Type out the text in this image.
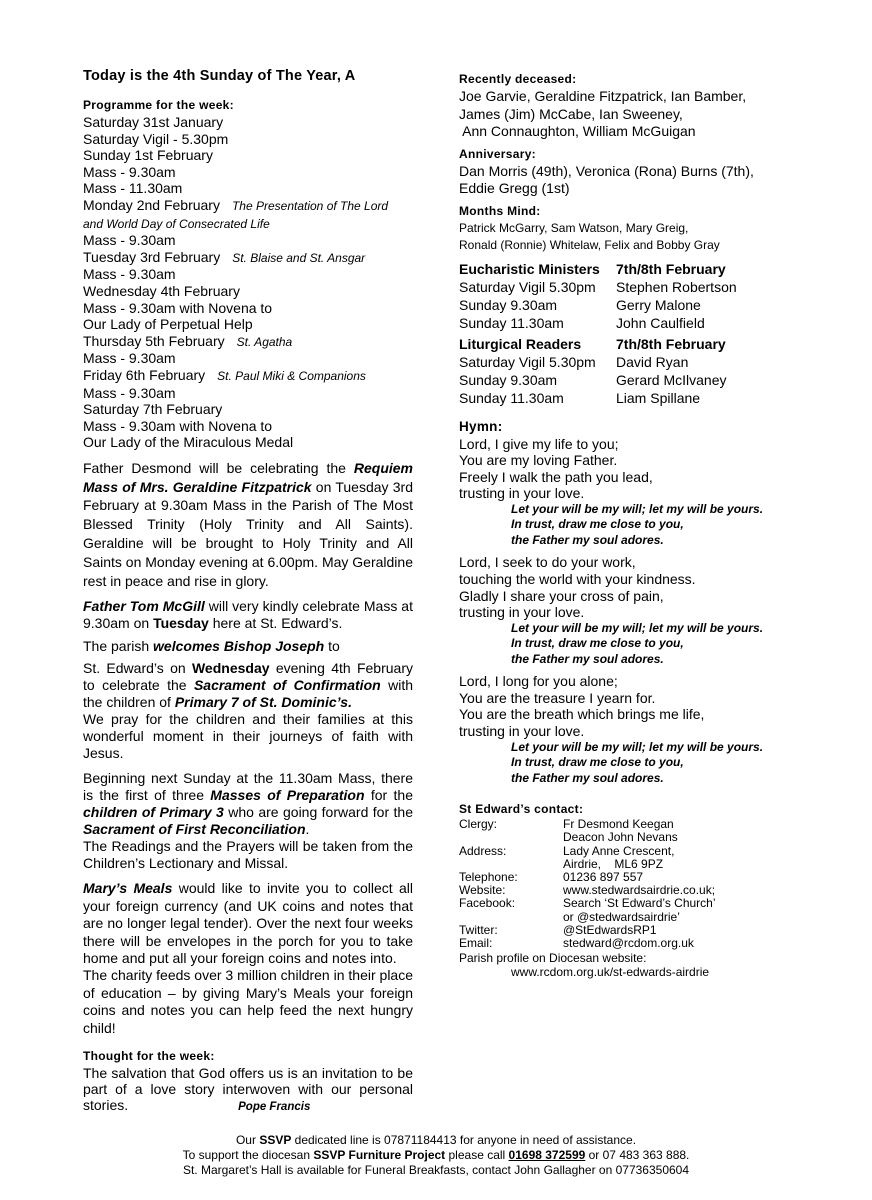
Today is the 4th Sunday of The Year, A
Programme for the week:
Saturday 31st January
Saturday Vigil - 5.30pm
Sunday 1st February
Mass - 9.30am
Mass - 11.30am
Monday 2nd February The Presentation of The Lord
and World Day of Consecrated Life
Mass - 9.30am
Tuesday 3rd February St. Blaise and St. Ansgar
Mass - 9.30am
Wednesday 4th February
Mass - 9.30am with Novena to
Our Lady of Perpetual Help
Thursday 5th February St. Agatha
Mass - 9.30am
Friday 6th February St. Paul Miki & Companions
Mass - 9.30am
Saturday 7th February
Mass - 9.30am with Novena to
Our Lady of the Miraculous Medal

Father Desmond will be celebrating the Requiem Mass of Mrs. Geraldine Fitzpatrick on Tuesday 3rd February at 9.30am Mass in the Parish of The Most Blessed Trinity (Holy Trinity and All Saints). Geraldine will be brought to Holy Trinity and All Saints on Monday evening at 6.00pm. May Geraldine rest in peace and rise in glory.

Father Tom McGill will very kindly celebrate Mass at 9.30am on Tuesday here at St. Edward’s.

The parish welcomes Bishop Joseph to

St. Edward’s on Wednesday evening 4th February to celebrate the Sacrament of Confirmation with the children of Primary 7 of St. Dominic’s.

We pray for the children and their families at this wonderful moment in their journeys of faith with Jesus.

Beginning next Sunday at the 11.30am Mass, there is the first of three Masses of Preparation for the children of Primary 3 who are going forward for the Sacrament of First Reconciliation.

The Readings and the Prayers will be taken from the Children’s Lectionary and Missal.

Mary’s Meals would like to invite you to collect all your foreign currency (and UK coins and notes that are no longer legal tender). Over the next four weeks there will be envelopes in the porch for you to take home and put all your foreign coins and notes into.

The charity feeds over 3 million children in their place of education – by giving Mary’s Meals your foreign coins and notes you can help feed the next hungry child!

Thought for the week:

The salvation that God offers us is an invitation to be part of a love story interwoven with our personal stories.	Pope Francis

Recently deceased:
Joe Garvie, Geraldine Fitzpatrick, Ian Bamber,
James (Jim) McCabe, Ian Sweeney,
Ann Connaughton, William McGuigan
Anniversary:
Dan Morris (49th), Veronica (Rona) Burns (7th),
Eddie Gregg (1st)
Months Mind:
Patrick McGarry, Sam Watson, Mary Greig,
Ronald (Ronnie) Whitelaw, Felix and Bobby Gray
Eucharistic Ministers	7th/8th February
Saturday Vigil 5.30pm	Stephen Robertson
Sunday 9.30am	Gerry Malone
Sunday 11.30am	John Caulfield
Liturgical Readers	7th/8th February
Saturday Vigil 5.30pm	David Ryan
Sunday 9.30am	Gerard McIlvaney
Sunday 11.30am	Liam Spillane
Hymn:
Lord, I give my life to you;
You are my loving Father.
Freely I walk the path you lead,
trusting in your love.
Let your will be my will; let my will be yours.
In trust, draw me close to you,
the Father my soul adores.
Lord, I seek to do your work,
touching the world with your kindness.
Gladly I share your cross of pain,
trusting in your love.
Let your will be my will; let my will be yours.
In trust, draw me close to you,
the Father my soul adores.
Lord, I long for you alone;
You are the treasure I yearn for.
You are the breath which brings me life,
trusting in your love.
Let your will be my will; let my will be yours.
In trust, draw me close to you,
the Father my soul adores.
St Edward’s contact:
Clergy:	Fr Desmond Keegan
	Deacon John Nevans
Address:	Lady Anne Crescent,
	Airdrie,    ML6 9PZ
Telephone:	01236 897 557
Website:	www.stedwardsairdrie.co.uk;
Facebook:	Search ‘St Edward’s Church’
	or @stedwardsairdrie’
Twitter:	@StEdwardsRP1
Email:	stedward@rcdom.org.uk
Parish profile on Diocesan website:
www.rcdom.org.uk/st-edwards-airdrie
Our SSVP dedicated line is 07871184413 for anyone in need of assistance.
To support the diocesan SSVP Furniture Project please call 01698 372599 or 07 483 363 888.
St. Margaret’s Hall is available for Funeral Breakfasts, contact John Gallagher on 07736350604
